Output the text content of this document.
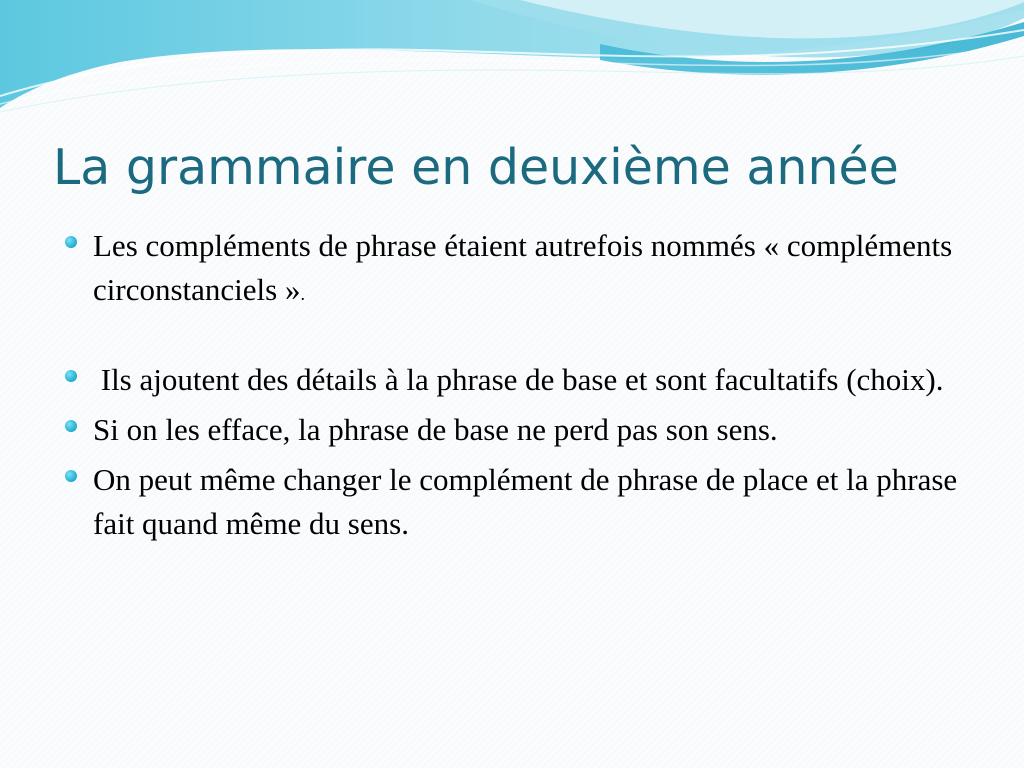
La grammaire en deuxième année
Les compléments de phrase étaient autrefois nommés « compléments circonstanciels ».
Ils ajoutent des détails à la phrase de base et sont facultatifs (choix).
Si on les efface, la phrase de base ne perd pas son sens.
On peut même changer le complément de phrase de place et la phrase fait quand même du sens.
